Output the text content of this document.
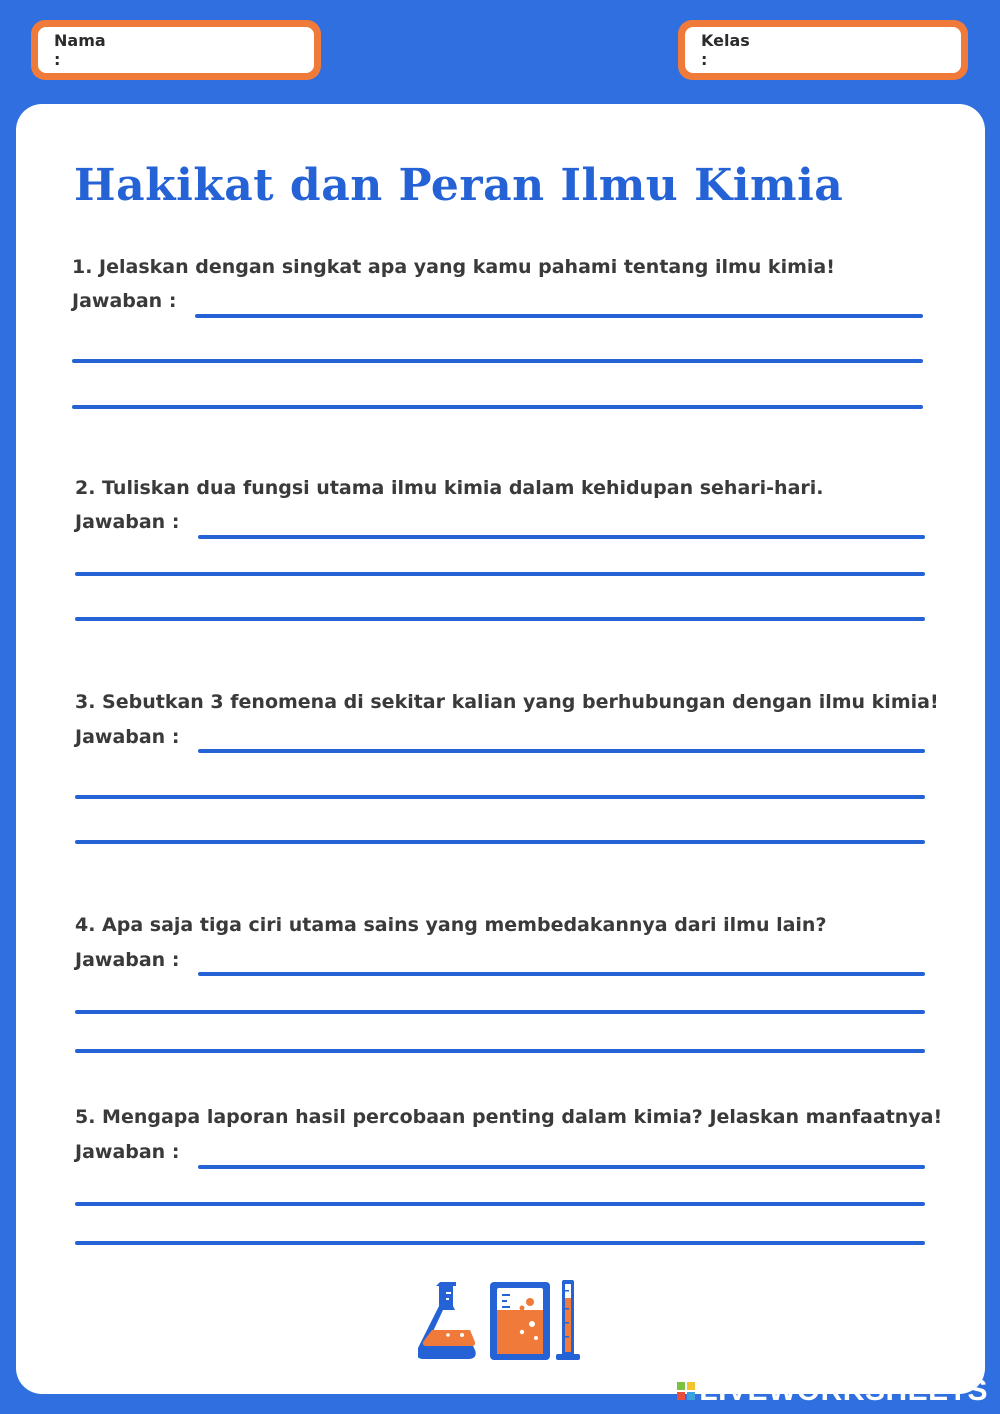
Nama :
Kelas :
Hakikat dan Peran Ilmu Kimia

1. Jelaskan dengan singkat apa yang kamu pahami tentang ilmu kimia!

Jawaban :

2. Tuliskan dua fungsi utama ilmu kimia dalam kehidupan sehari-hari.

Jawaban :

3. Sebutkan 3 fenomena di sekitar kalian yang berhubungan dengan ilmu kimia!

Jawaban :

4. Apa saja tiga ciri utama sains yang membedakannya dari ilmu lain?

Jawaban :

5. Mengapa laporan hasil percobaan penting dalam kimia? Jelaskan manfaatnya!

Jawaban :

LIVEWORKSHEETS
